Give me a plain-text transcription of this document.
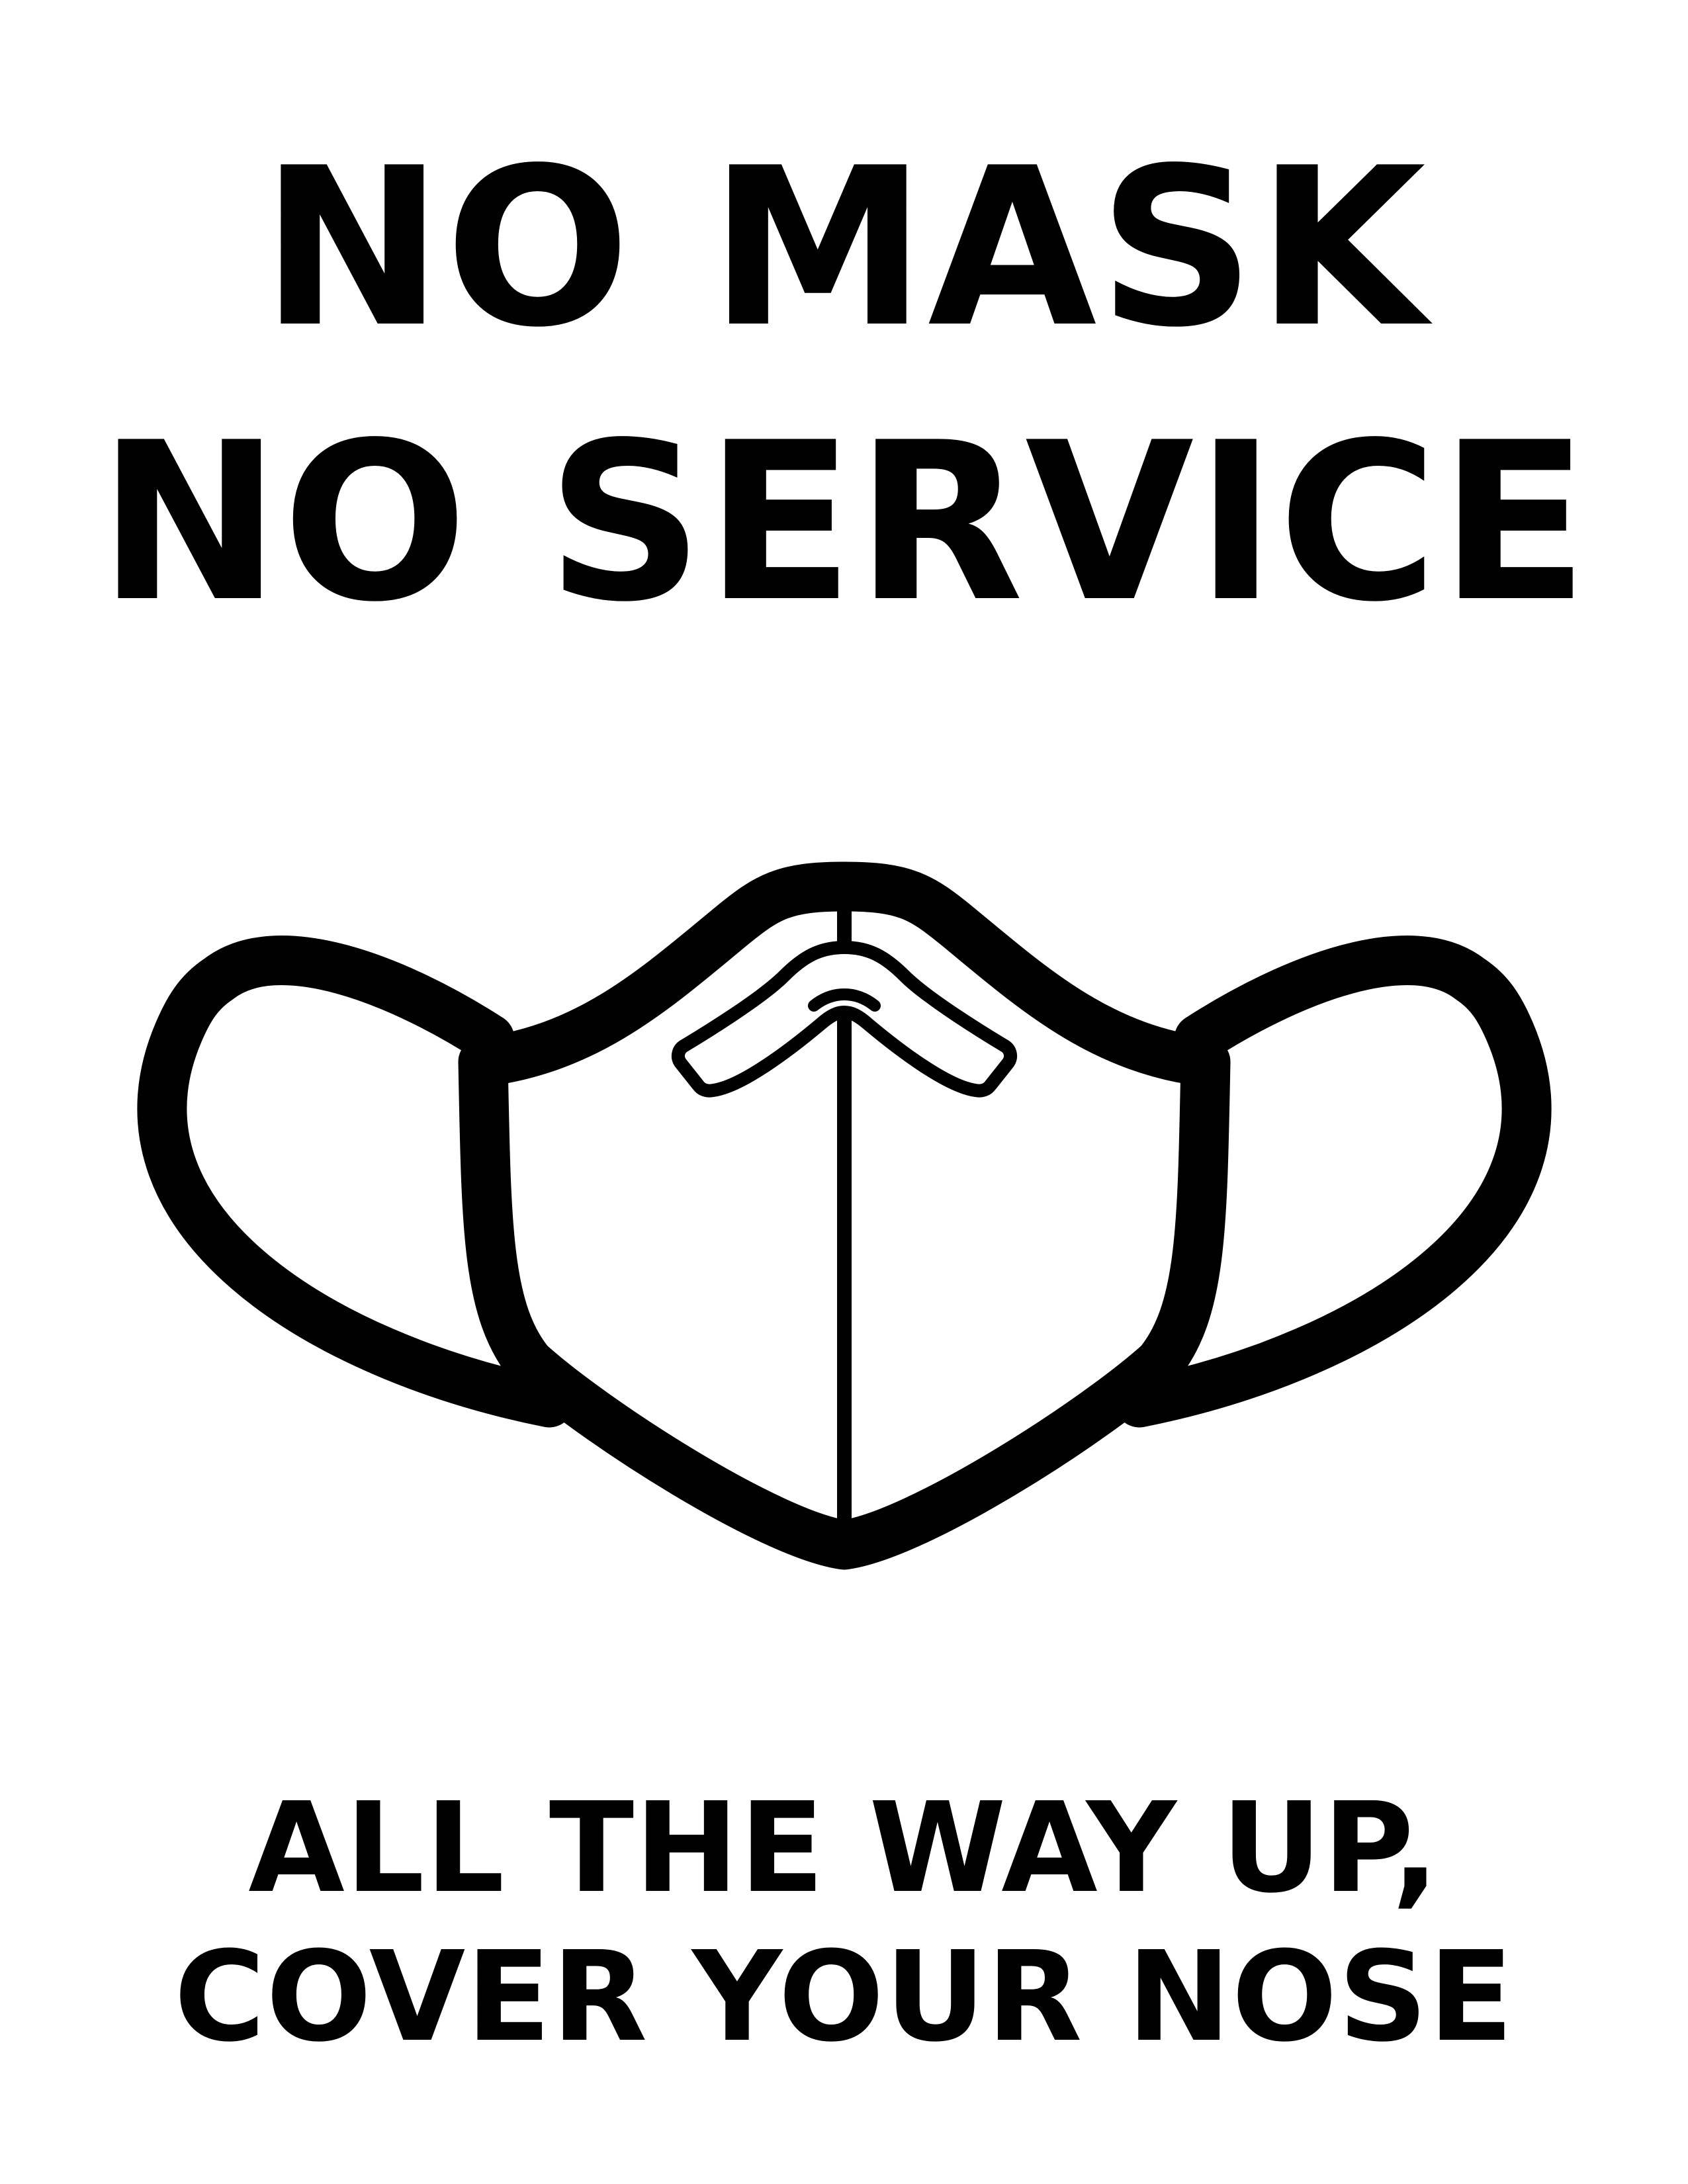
NO MASK
NO SERVICE
ALL THE WAY UP,
COVER YOUR NOSE
